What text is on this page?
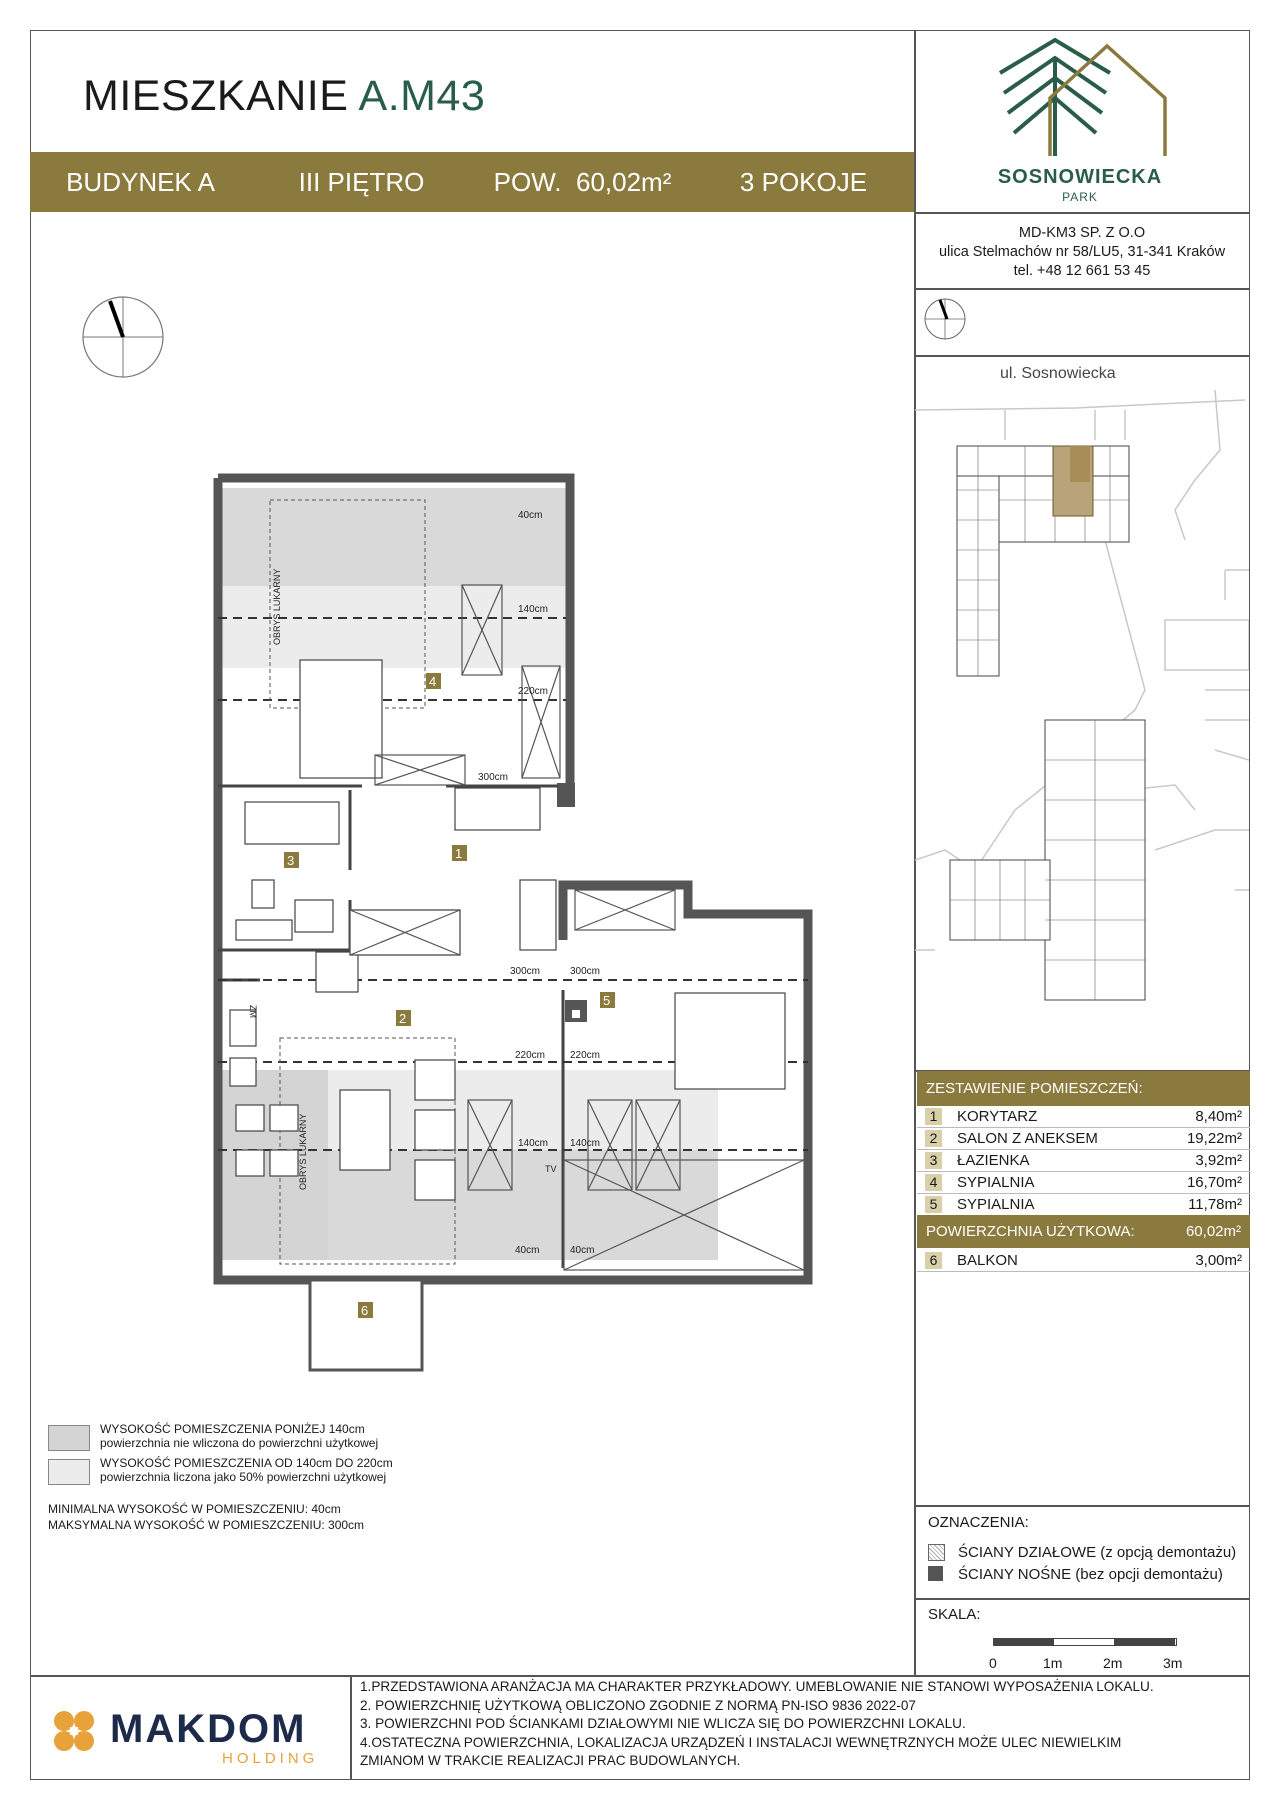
MIESZKANIE A.M43
BUDYNEK A	III PIĘTRO	POW.
60,02m²	3 POKOJE	SOSNOWIECKA
PARK
MD-KM3 SP. Z O.O
ulica Stelmachów nr 58/LU5, 31-341 Kraków
tel. +48 12 661 53 45
ul. Sosnowiecka
40cm
140cm
220cm
300cm
300cm	300cm
220cm 220cm
140cm 140cm
40cm	40cm
OBRYS LUKARNY
OBRYS LUKARNY
ZM
TV
1
2
3
4
5
6
ZESTAWIENIE POMIESZCZEŃ:
1	KORYTARZ	8,40m²
2	SALON Z ANEKSEM	19,22m²
3	ŁAZIENKA	3,92m²
4	SYPIALNIA	16,70m²
5	SYPIALNIA	11,78m²
POWIERZCHNIA UŻYTKOWA:	60,02m²
6	BALKON	3,00m²
OZNACZENIA:
ŚCIANY DZIAŁOWE (z opcją demontażu)
ŚCIANY NOŚNE (bez opcji demontażu)
SKALA:
0	1m	2m	3m
WYSOKOŚĆ POMIESZCZENIA PONIŻEJ 140cm
powierzchnia nie wliczona do powierzchni użytkowej
WYSOKOŚĆ POMIESZCZENIA OD 140cm DO 220cm
powierzchnia liczona jako 50% powierzchni użytkowej
MINIMALNA WYSOKOŚĆ W POMIESZCZENIU: 40cm
MAKSYMALNA WYSOKOŚĆ W POMIESZCZENIU: 300cm
MAKDOM
HOLDING
1.PRZEDSTAWIONA ARANŻACJA MA CHARAKTER PRZYKŁADOWY. UMEBLOWANIE NIE STANOWI WYPOSAŻENIA LOKALU.
2. POWIERZCHNIĘ UŻYTKOWĄ OBLICZONO ZGODNIE Z NORMĄ PN-ISO 9836 2022-07
3. POWIERZCHNI POD ŚCIANKAMI DZIAŁOWYMI NIE WLICZA SIĘ DO POWIERZCHNI LOKALU.
4.OSTATECZNA POWIERZCHNIA, LOKALIZACJA URZĄDZEŃ I INSTALACJI WEWNĘTRZNYCH MOŻE ULEC NIEWIELKIM
ZMIANOM W TRAKCIE REALIZACJI PRAC BUDOWLANYCH.
